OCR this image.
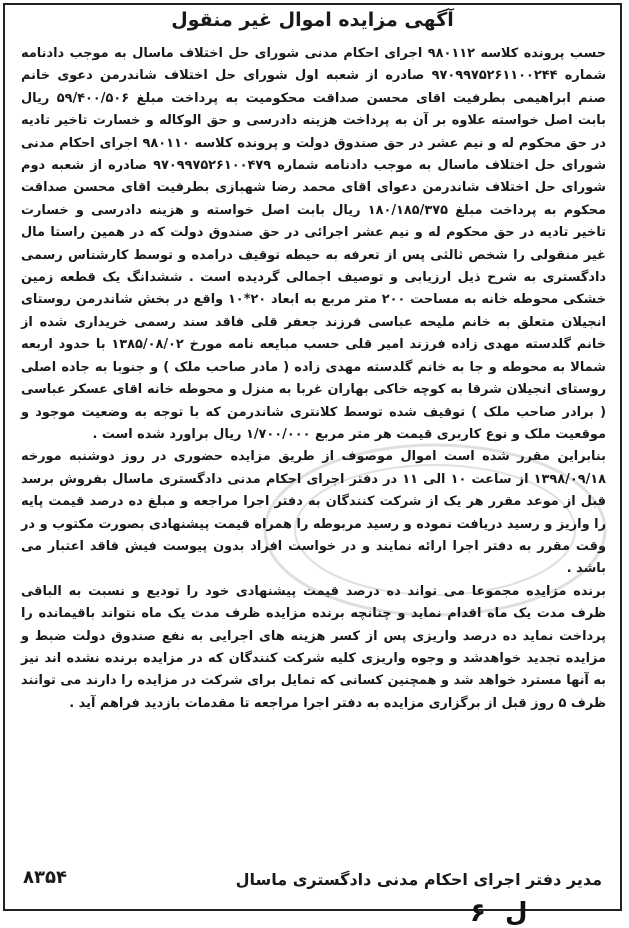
آگهی مزایده اموال غیر منقول

حسب پرونده کلاسه ۹۸۰۱۱۲ اجرای احکام مدنی شورای حل اختلاف ماسال به موجب دادنامه شماره ۹۷۰۹۹۷۵۲۶۱۱۰۰۲۴۴ صادره از شعبه اول شورای حل اختلاف شاندرمن دعوی خانم صنم ابراهیمی بطرفیت اقای محسن صداقت محکومیت به پرداخت مبلغ ۵۹/۴۰۰/۵۰۶ ریال بابت اصل خواسته علاوه بر آن به پرداخت هزینه دادرسی و حق الوکاله و خسارت تاخیر تادیه در حق محکوم له و نیم عشر در حق صندوق دولت و پرونده کلاسه ۹۸۰۱۱۰ اجرای احکام مدنی شورای حل اختلاف ماسال به موجب دادنامه شماره ۹۷۰۹۹۷۵۲۶۱۰۰۴۷۹ صادره از شعبه دوم شورای حل اختلاف شاندرمن دعوای اقای محمد رضا شهبازی بطرفیت اقای محسن صداقت محکوم به پرداخت مبلغ ۱۸۰/۱۸۵/۳۷۵ ریال بابت اصل خواسته و هزینه دادرسی و خسارت تاخیر تادیه در حق محکوم له و نیم عشر اجرائی در حق صندوق دولت که در همین راستا مال غیر منقولی را شخص ثالثی پس از تعرفه به حیطه توقیف درامده و توسط کارشناس رسمی دادگستری به شرح ذیل ارزیابی و توصیف اجمالی گردیده است . ششدانگ یک قطعه زمین خشکی محوطه خانه به مساحت ۲۰۰ متر مربع به ابعاد ۲۰*۱۰ واقع در بخش شاندرمن روستای انجیلان متعلق به خانم ملیحه عباسی فرزند جعفر قلی فاقد سند رسمی خریداری شده از خانم گلدسته مهدی زاده فرزند امیر قلی حسب مبایعه نامه مورخ ۱۳۸۵/۰۸/۰۲ با حدود اربعه شمالا به محوطه و جا به خانم گلدسته مهدی زاده ( مادر صاحب ملک ) و جنوبا به جاده اصلی روستای انجیلان شرقا به کوچه خاکی بهاران غربا به منزل و محوطه خانه اقای عسکر عباسی ( برادر صاحب ملک ) توقیف شده توسط کلانتری شاندرمن که با توجه به وضعیت موجود و موقعیت ملک و نوع کاربری قیمت هر متر مربع ۱/۷۰۰/۰۰۰ ریال براورد شده است .

بنابراین مقرر شده است اموال موصوف از طریق مزایده حضوری در روز دوشنبه مورخه ۱۳۹۸/۰۹/۱۸ از ساعت ۱۰ الی ۱۱ در دفتر اجرای احکام مدنی دادگستری ماسال بفروش برسد قبل از موعد مقرر هر یک از شرکت کنندگان به دفتر اجرا مراجعه و مبلغ ده درصد قیمت پایه را واریز و رسید دریافت نموده و رسید مربوطه را همراه قیمت پیشنهادی بصورت مکتوب و در وقت مقرر به دفتر اجرا ارائه نمایند و در خواست افراد بدون پیوست فیش فاقد اعتبار می باشد .

برنده مزایده مجموعا می تواند ده درصد قیمت پیشنهادی خود را تودیع و نسبت به الباقی ظرف مدت یک ماه اقدام نماید و چنانچه برنده مزایده ظرف مدت یک ماه نتواند باقیمانده را پرداخت نماید ده درصد واریزی پس از کسر هزینه های اجرایی به نفع صندوق دولت ضبط و مزایده تجدید خواهدشد و وجوه واریزی کلیه شرکت کنندگان که در مزایده برنده نشده اند نیز به آنها مسترد خواهد شد و همچنین کسانی که تمایل برای شرکت در مزایده را دارند می توانند ظرف ۵ روز قبل از برگزاری مزایده به دفتر اجرا مراجعه تا مقدمات بازدید فراهم آید .

مدیر دفتر اجرای احکام مدنی دادگستری ماسال
۸۳۵۴
۶ ل
